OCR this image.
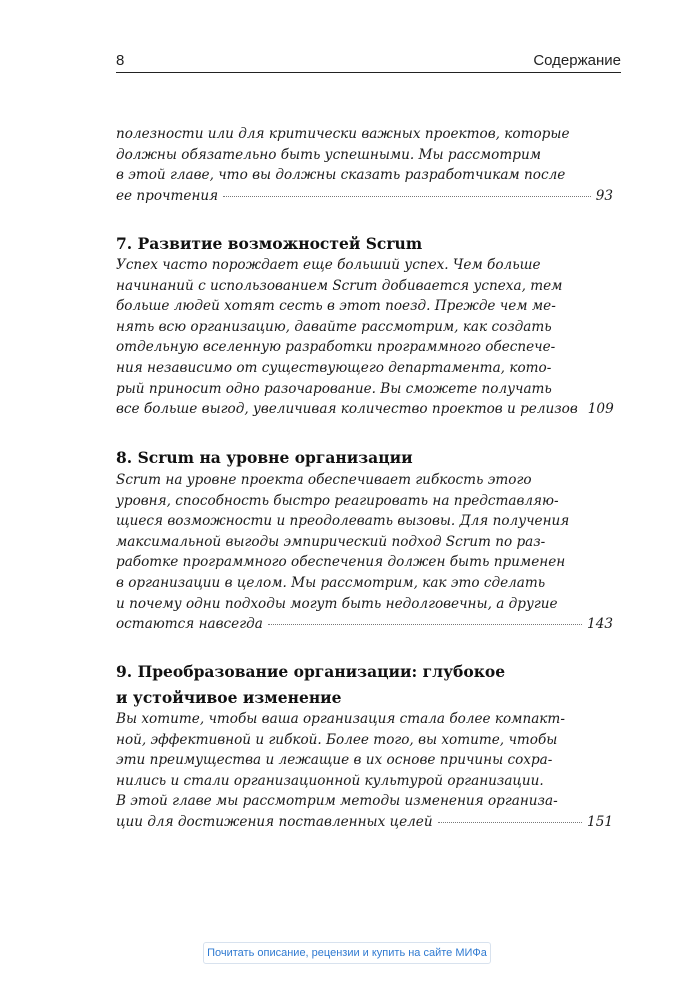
8	Содержание
полезности или для критически важных проектов, которые
должны обязательно быть успешными. Мы рассмотрим
в этой главе, что вы должны сказать разработчикам после
ее прочтения	93
7. Развитие возможностей Scrum
Успех часто порождает еще больший успех. Чем больше
начинаний с использованием Scrum добивается успеха, тем
больше людей хотят сесть в этот поезд. Прежде чем ме-
нять всю организацию, давайте рассмотрим, как создать
отдельную вселенную разработки программного обеспече-
ния независимо от существующего департамента, кото-
рый приносит одно разочарование. Вы сможете получать
все больше выгод, увеличивая количество проектов и релизов 109
8. Scrum на уровне организации
Scrum на уровне проекта обеспечивает гибкость этого
уровня, способность быстро реагировать на представляю-
щиеся возможности и преодолевать вызовы. Для получения
максимальной выгоды эмпирический подход Scrum по раз-
работке программного обеспечения должен быть применен
в организации в целом. Мы рассмотрим, как это сделать
и почему одни подходы могут быть недолговечны, а другие
остаются навсегда	143
9. Преобразование организации: глубокое
и устойчивое изменение
Вы хотите, чтобы ваша организация стала более компакт-
ной, эффективной и гибкой. Более того, вы хотите, чтобы
эти преимущества и лежащие в их основе причины сохра-
нились и стали организационной культурой организации.
В этой главе мы рассмотрим методы изменения организа-
ции для достижения поставленных целей	151
Почитать описание, рецензии и купить на сайте МИФа
